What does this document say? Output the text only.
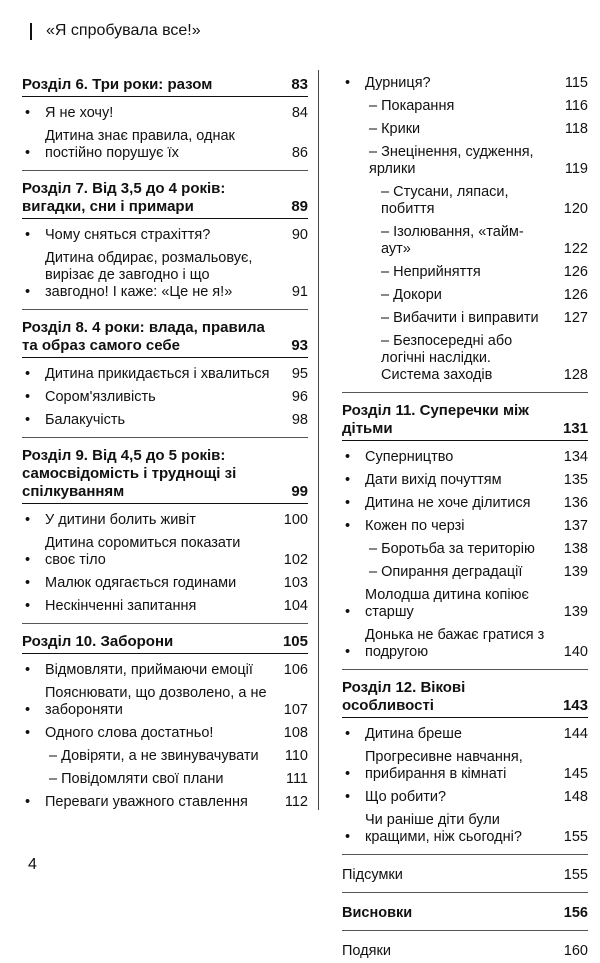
«Я спробувала все!»
Розділ 6. Три роки: разом	83
•	Я не хочу!	84
•
Дитина знає правила, однак постійно порушує їх	86
Розділ 7. Від 3,5 до 4 років: вигадки, сни і примари	89
•	Чому сняться страхіття?	90
•
Дитина обдирає, розмальовує, вирізає де завгодно і що завгодно! І каже: «Це не я!»	91
Розділ 8. 4 роки: влада, правила та образ самого себе	93
•	Дитина прикидається і хвалиться	95
•	Сором'язливість	96
•	Балакучість	98
Розділ 9. Від 4,5 до 5 років: самосвідомість і труднощі зі спілкуванням	99
•	У дитини болить живіт	100
•
Дитина соромиться показати своє тіло	102
•	Малюк одягається годинами	103
•	Нескінченні запитання	104
Розділ 10. Заборони	105
•	Відмовляти, приймаючи емоції	106
•
Пояснювати, що дозволено, а не забороняти	107
•	Одного слова достатньо!	108
– Довіряти, а не звинувачувати	110
– Повідомляти свої плани	111
•	Переваги уважного ставлення	112
•	Дурниця?	115
– Покарання	116
– Крики	118
– Знецінення, судження, ярлики	119
– Стусани, ляпаси, побиття	120
– Ізолювання, «тайм-аут»	122
– Неприйняття	126
– Докори	126
– Вибачити і виправити	127
– Безпосередні або логічні наслідки. Система заходів	128
Розділ 11. Суперечки між дітьми	131
•	Суперництво	134
•	Дати вихід почуттям	135
•	Дитина не хоче ділитися	136
•	Кожен по черзі	137
– Боротьба за територію	138
– Опирання деградації	139
•
Молодша дитина копіює старшу	139
•
Донька не бажає гратися з подругою	140
Розділ 12. Вікові особливості	143
•	Дитина бреше	144
•
Прогресивне навчання, прибирання в кімнаті	145
•	Що робити?	148
•
Чи раніше діти були кращими, ніж сьогодні?	155
Підсумки	155
Висновки	156
Подяки	160
4
